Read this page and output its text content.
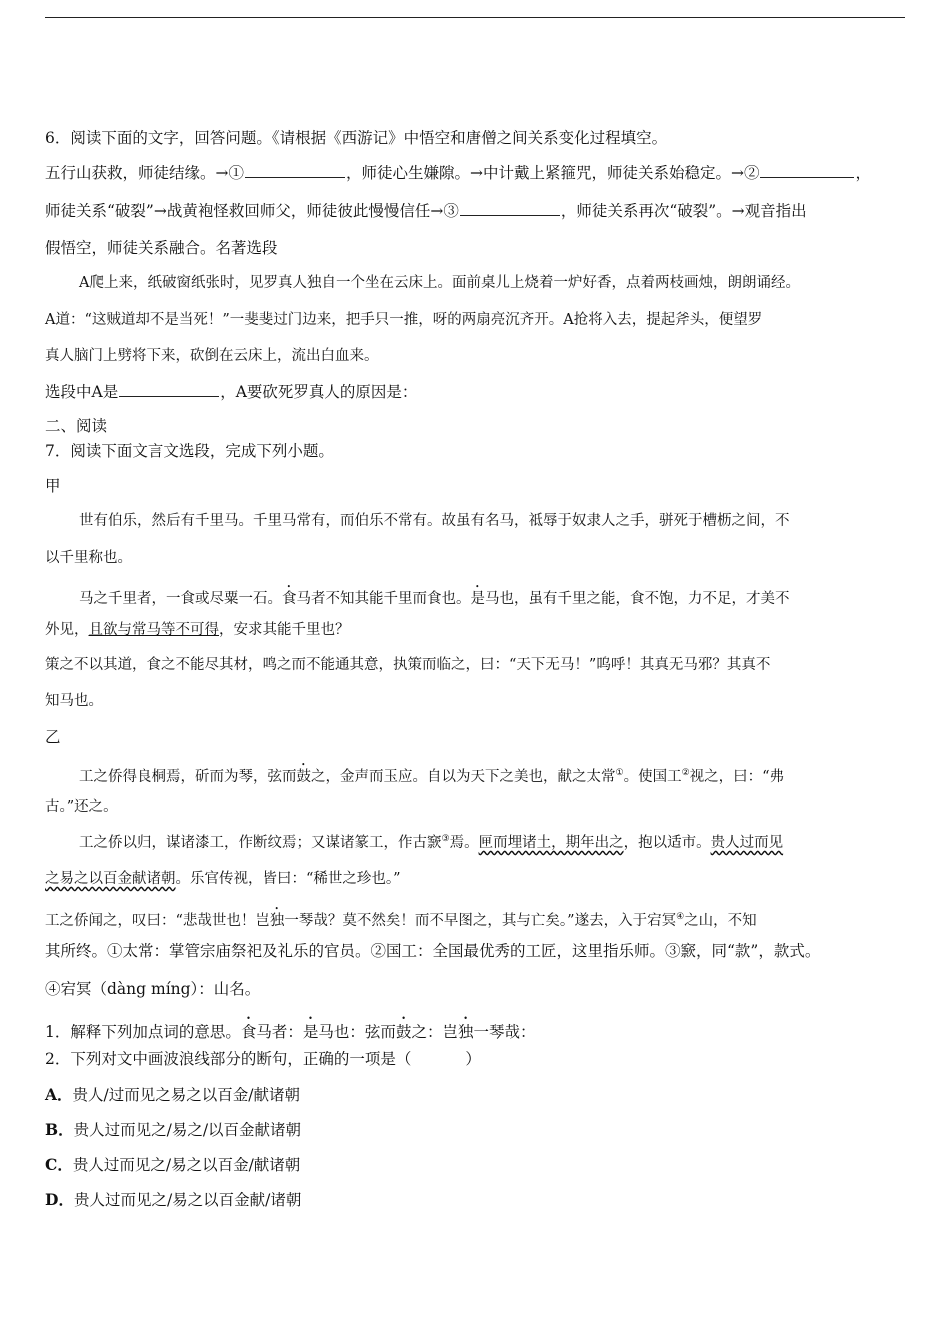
6．阅读下面的文字，回答问题。《请根据《西游记》中悟空和唐僧之间关系变化过程填空。
五行山获救，师徒结缘。→①	，师徒心生嫌隙。→中计戴上紧箍咒，师徒关系始稳定。→②	，
师徒关系“破裂”→战黄袍怪救回师父，师徒彼此慢慢信任→③	，师徒关系再次“破裂”。→观音指出
假悟空，师徒关系融合。名著选段
A爬上来，纸破窗纸张时，见罗真人独自一个坐在云床上。面前桌儿上烧着一炉好香，点着两枝画烛，朗朗诵经。
A道：“这贼道却不是当死！”一斐斐过门边来，把手只一推，呀的两扇亮沉齐开。A抢将入去，提起斧头，便望罗
真人脑门上劈将下来，砍倒在云床上，流出白血来。
选段中A是	，A要砍死罗真人的原因是：
二、阅读
7．阅读下面文言文选段，完成下列小题。
甲
世有伯乐，然后有千里马。千里马常有，而伯乐不常有。故虽有名马，祗辱于奴隶人之手，骈死于槽枥之间，不
以千里称也。
马之千里者，一食或尽粟一石。食马者不知其能千里而食也。是马也，虽有千里之能，食不饱，力不足，才美不
外见，且欲与常马等不可得，安求其能千里也？
策之不以其道，食之不能尽其材，鸣之而不能通其意，执策而临之，曰：“天下无马！”呜呼！其真无马邪？其真不
知马也。
乙
工之侨得良桐焉，斫而为琴，弦而鼓之，金声而玉应。自以为天下之美也，献之太常①。使国工②视之，曰：“弗
古。”还之。
工之侨以归，谋诸漆工，作断纹焉；又谋诸篆工，作古窾③焉。匣而埋诸土，期年出之，抱以适市。贵人过而见
之易之以百金献诸朝。乐官传视，皆曰：“稀世之珍也。”
工之侨闻之，叹曰：“悲哉世也！岂独一琴哉？莫不然矣！而不早图之，其与亡矣。”遂去，入于宕冥④之山，不知
其所终。①太常：掌管宗庙祭祀及礼乐的官员。②国工：全国最优秀的工匠，这里指乐师。③窾，同“款”，款式。
④宕冥（dàng míng）：山名。
1．解释下列加点词的意思。食马者：是马也：弦而鼓之：岂独一琴哉：
2．下列对文中画波浪线部分的断句，正确的一项是（	）
A．贵人/过而见之易之以百金/献诸朝
B．贵人过而见之/易之/以百金献诸朝
C．贵人过而见之/易之以百金/献诸朝
D．贵人过而见之/易之以百金献/诸朝
